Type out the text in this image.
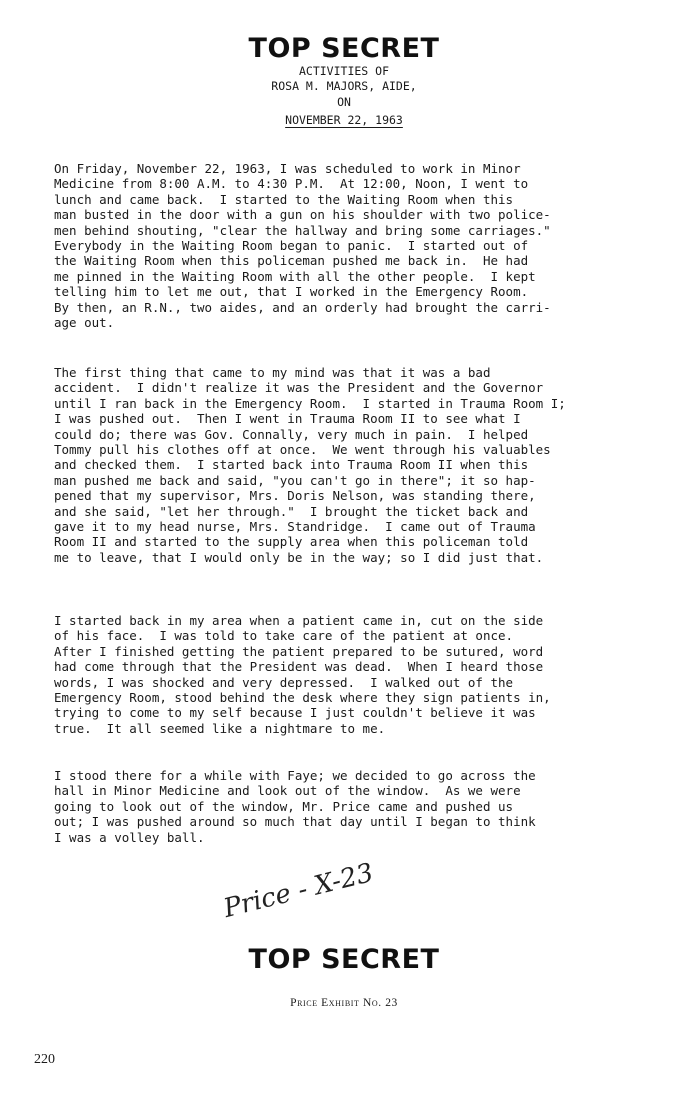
TOP SECRET
ACTIVITIES OF
ROSA M. MAJORS, AIDE,
ON
NOVEMBER 22, 1963
On Friday, November 22, 1963, I was scheduled to work in Minor
Medicine from 8:00 A.M. to 4:30 P.M.  At 12:00, Noon, I went to
lunch and came back.  I started to the Waiting Room when this
man busted in the door with a gun on his shoulder with two police-
men behind shouting, "clear the hallway and bring some carriages."
Everybody in the Waiting Room began to panic.  I started out of
the Waiting Room when this policeman pushed me back in.  He had
me pinned in the Waiting Room with all the other people.  I kept
telling him to let me out, that I worked in the Emergency Room.
By then, an R.N., two aides, and an orderly had brought the carri-
age out.
The first thing that came to my mind was that it was a bad
accident.  I didn't realize it was the President and the Governor
until I ran back in the Emergency Room.  I started in Trauma Room I;
I was pushed out.  Then I went in Trauma Room II to see what I
could do; there was Gov. Connally, very much in pain.  I helped
Tommy pull his clothes off at once.  We went through his valuables
and checked them.  I started back into Trauma Room II when this
man pushed me back and said, "you can't go in there"; it so hap-
pened that my supervisor, Mrs. Doris Nelson, was standing there,
and she said, "let her through."  I brought the ticket back and
gave it to my head nurse, Mrs. Standridge.  I came out of Trauma
Room II and started to the supply area when this policeman told
me to leave, that I would only be in the way; so I did just that.
I started back in my area when a patient came in, cut on the side
of his face.  I was told to take care of the patient at once.
After I finished getting the patient prepared to be sutured, word
had come through that the President was dead.  When I heard those
words, I was shocked and very depressed.  I walked out of the
Emergency Room, stood behind the desk where they sign patients in,
trying to come to my self because I just couldn't believe it was
true.  It all seemed like a nightmare to me.
I stood there for a while with Faye; we decided to go across the
hall in Minor Medicine and look out of the window.  As we were
going to look out of the window, Mr. Price came and pushed us
out; I was pushed around so much that day until I began to think
I was a volley ball.
Price - X-23
TOP SECRET
Price Exhibit No. 23
220
